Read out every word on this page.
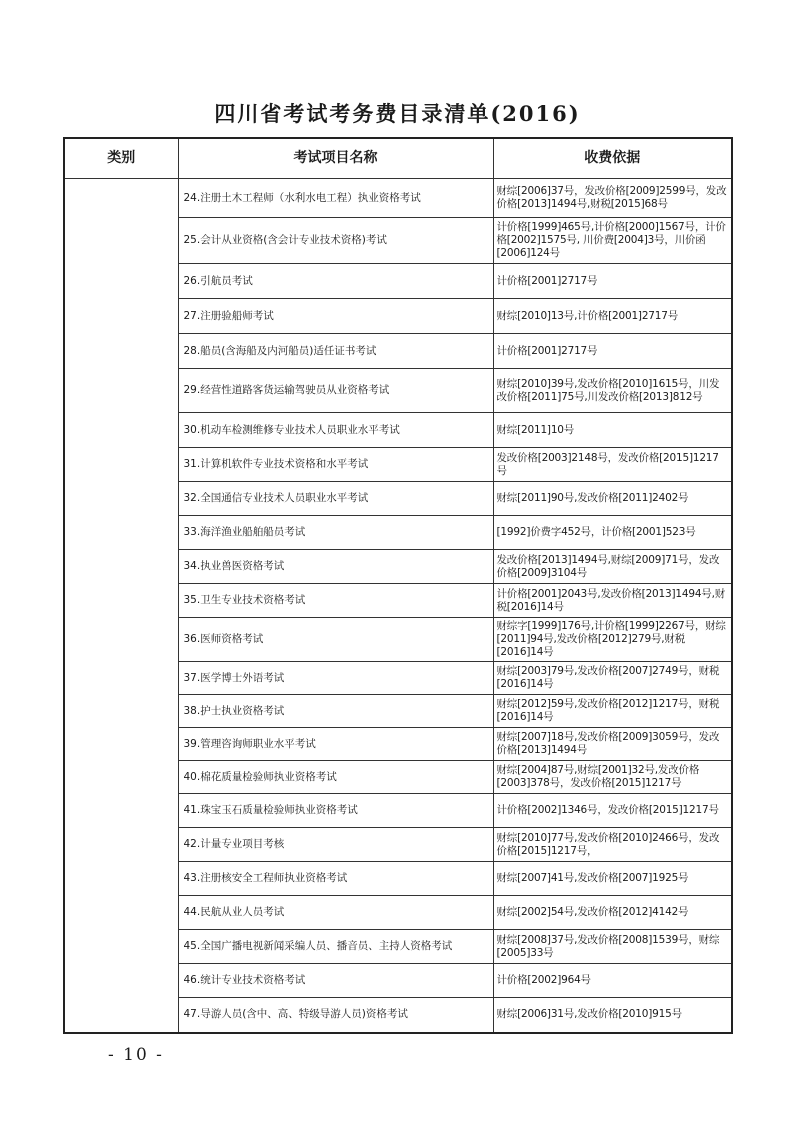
四川省考试考务费目录清单(2016)
类别	考试项目名称	收费依据
	24.注册土木工程师（水利水电工程）执业资格考试	财综[2006]37号，发改价格[2009]2599号，发改价格[2013]1494号,财税[2015]68号
	25.会计从业资格(含会计专业技术资格)考试	计价格[1999]465号,计价格[2000]1567号，计价格[2002]1575号, 川价费[2004]3号，川价函[2006]124号
	26.引航员考试	计价格[2001]2717号
	27.注册验船师考试	财综[2010]13号,计价格[2001]2717号
	28.船员(含海船及内河船员)适任证书考试	计价格[2001]2717号
	29.经营性道路客货运输驾驶员从业资格考试	财综[2010]39号,发改价格[2010]1615号，川发改价格[2011]75号,川发改价格[2013]812号
	30.机动车检测维修专业技术人员职业水平考试	财综[2011]10号
	31.计算机软件专业技术资格和水平考试	发改价格[2003]2148号，发改价格[2015]1217号
	32.全国通信专业技术人员职业水平考试	财综[2011]90号,发改价格[2011]2402号
	33.海洋渔业船舶船员考试	[1992]价费字452号，计价格[2001]523号
	34.执业兽医资格考试	发改价格[2013]1494号,财综[2009]71号，发改价格[2009]3104号
	35.卫生专业技术资格考试	计价格[2001]2043号,发改价格[2013]1494号,财税[2016]14号
	36.医师资格考试	财综字[1999]176号,计价格[1999]2267号，财综[2011]94号,发改价格[2012]279号,财税[2016]14号
	37.医学博士外语考试	财综[2003]79号,发改价格[2007]2749号，财税[2016]14号
	38.护士执业资格考试	财综[2012]59号,发改价格[2012]1217号，财税[2016]14号
	39.管理咨询师职业水平考试	财综[2007]18号,发改价格[2009]3059号，发改价格[2013]1494号
	40.棉花质量检验师执业资格考试	财综[2004]87号,财综[2001]32号,发改价格[2003]378号，发改价格[2015]1217号
	41.珠宝玉石质量检验师执业资格考试	计价格[2002]1346号，发改价格[2015]1217号
	42.计量专业项目考核	财综[2010]77号,发改价格[2010]2466号，发改价格[2015]1217号，
	43.注册核安全工程师执业资格考试	财综[2007]41号,发改价格[2007]1925号
	44.民航从业人员考试	财综[2002]54号,发改价格[2012]4142号
	45.全国广播电视新闻采编人员、播音员、主持人资格考试	财综[2008]37号,发改价格[2008]1539号，财综[2005]33号
	46.统计专业技术资格考试	计价格[2002]964号
	47.导游人员(含中、高、特级导游人员)资格考试	财综[2006]31号,发改价格[2010]915号
- 10 -
